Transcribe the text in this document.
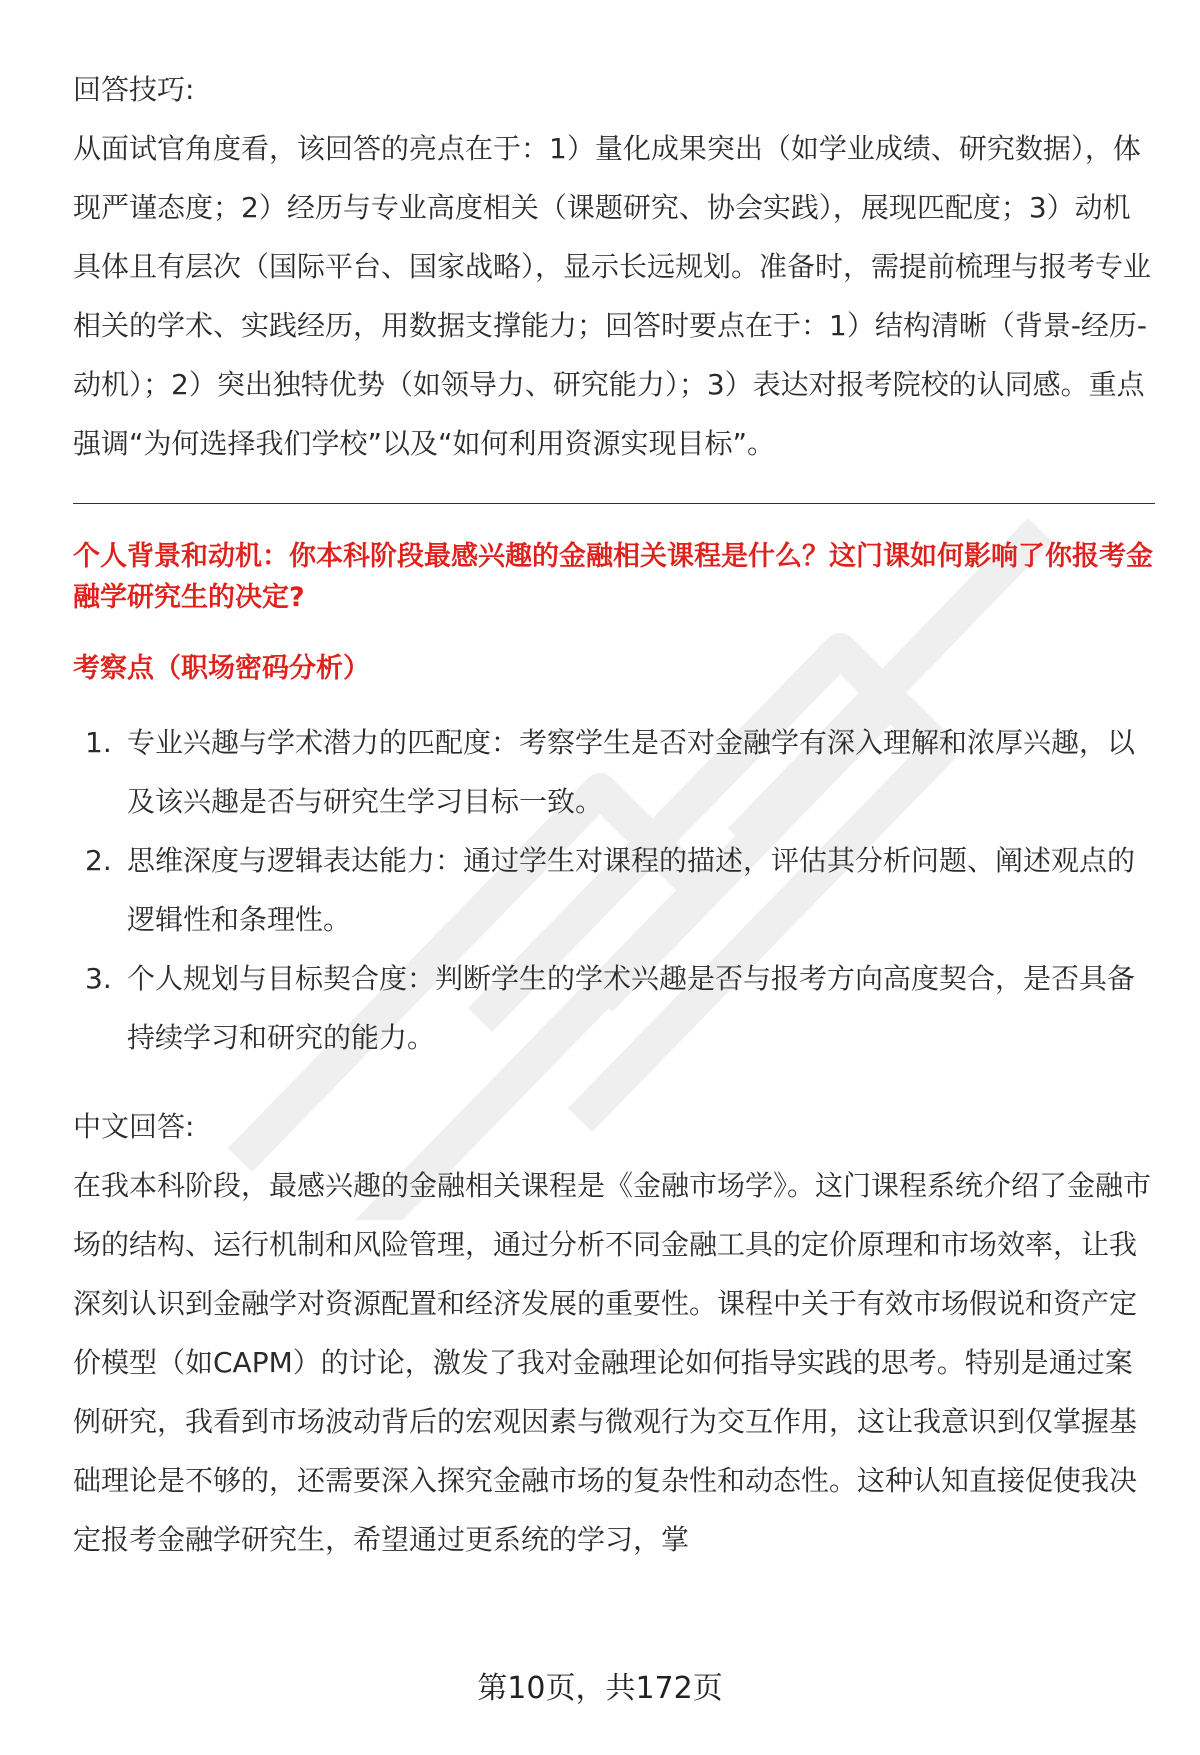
回答技巧:

从面试官角度看，该回答的亮点在于：1）量化成果突出（如学业成绩、研究数据），体现严谨态度；2）经历与专业高度相关（课题研究、协会实践），展现匹配度；3）动机具体且有层次（国际平台、国家战略），显示长远规划。准备时，需提前梳理与报考专业相关的学术、实践经历，用数据支撑能力；回答时要点在于：1）结构清晰（背景-经历-动机）；2）突出独特优势（如领导力、研究能力）；3）表达对报考院校的认同感。重点强调“为何选择我们学校”以及“如何利用资源实现目标”。

个人背景和动机：你本科阶段最感兴趣的金融相关课程是什么？这门课如何影响了你报考金融学研究生的决定?

考察点（职场密码分析）

1. 专业兴趣与学术潜力的匹配度：考察学生是否对金融学有深入理解和浓厚兴趣，以及该兴趣是否与研究生学习目标一致。
2. 思维深度与逻辑表达能力：通过学生对课程的描述，评估其分析问题、阐述观点的逻辑性和条理性。
3. 个人规划与目标契合度：判断学生的学术兴趣是否与报考方向高度契合，是否具备持续学习和研究的能力。

中文回答:

在我本科阶段，最感兴趣的金融相关课程是《金融市场学》。这门课程系统介绍了金融市场的结构、运行机制和风险管理，通过分析不同金融工具的定价原理和市场效率，让我深刻认识到金融学对资源配置和经济发展的重要性。课程中关于有效市场假说和资产定价模型（如CAPM）的讨论，激发了我对金融理论如何指导实践的思考。特别是通过案例研究，我看到市场波动背后的宏观因素与微观行为交互作用，这让我意识到仅掌握基础理论是不够的，还需要深入探究金融市场的复杂性和动态性。这种认知直接促使我决定报考金融学研究生，希望通过更系统的学习，掌

第10页，共172页
